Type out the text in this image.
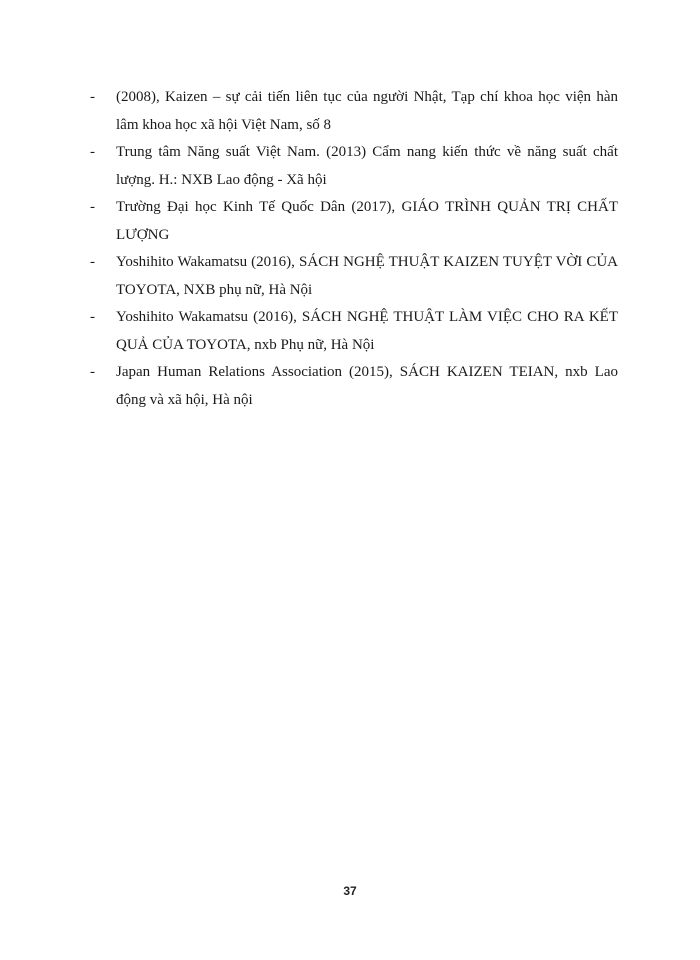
-	(2008), Kaizen – sự cải tiến liên tục của người Nhật, Tạp chí khoa học viện hàn lâm khoa học xã hội Việt Nam, số 8
-	Trung tâm Năng suất Việt Nam. (2013) Cẩm nang kiến thức về năng suất chất lượng. H.: NXB Lao động - Xã hội
-	Trường Đại học Kinh Tế Quốc Dân (2017), GIÁO TRÌNH QUẢN TRỊ CHẤT LƯỢNG
-	Yoshihito Wakamatsu (2016), SÁCH NGHỆ THUẬT KAIZEN TUYỆT VỜI CỦA TOYOTA, NXB phụ nữ, Hà Nội
-	Yoshihito Wakamatsu (2016), SÁCH NGHỆ THUẬT LÀM VIỆC CHO RA KẾT QUẢ CỦA TOYOTA, nxb Phụ nữ, Hà Nội
-	Japan Human Relations Association (2015), SÁCH KAIZEN TEIAN, nxb Lao động và xã hội, Hà nội
37
